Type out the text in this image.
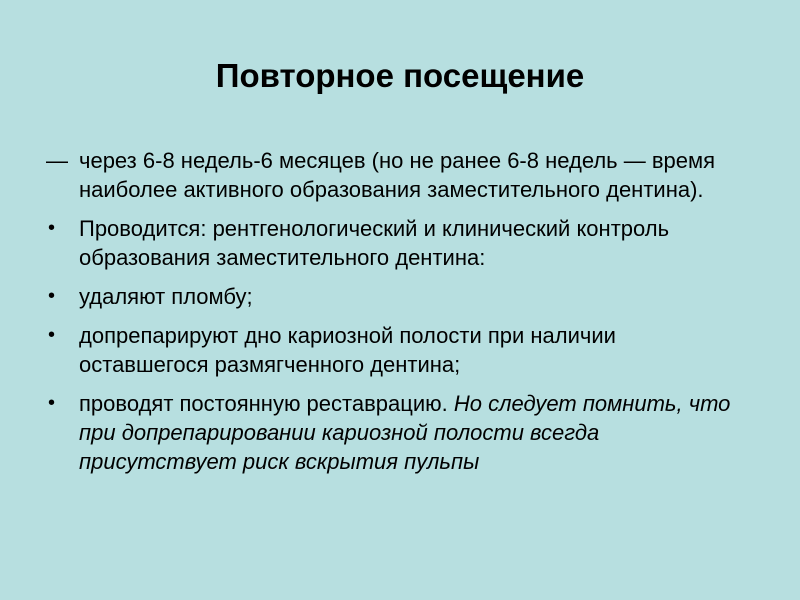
Повторное посещение
— через 6-8 недель-6 месяцев (но не ранее 6-8 недель — время наиболее активного образования заместительного дентина).
•	Проводится: рентгенологический и клинический контроль образования заместительного дентина:
•	удаляют пломбу;
•	допрепарируют дно кариозной полости при наличии оставшегося размягченного дентина;
•	проводят постоянную реставрацию. Но следует помнить, что при допрепарировании кариозной полости всегда присутствует риск вскрытия пульпы
